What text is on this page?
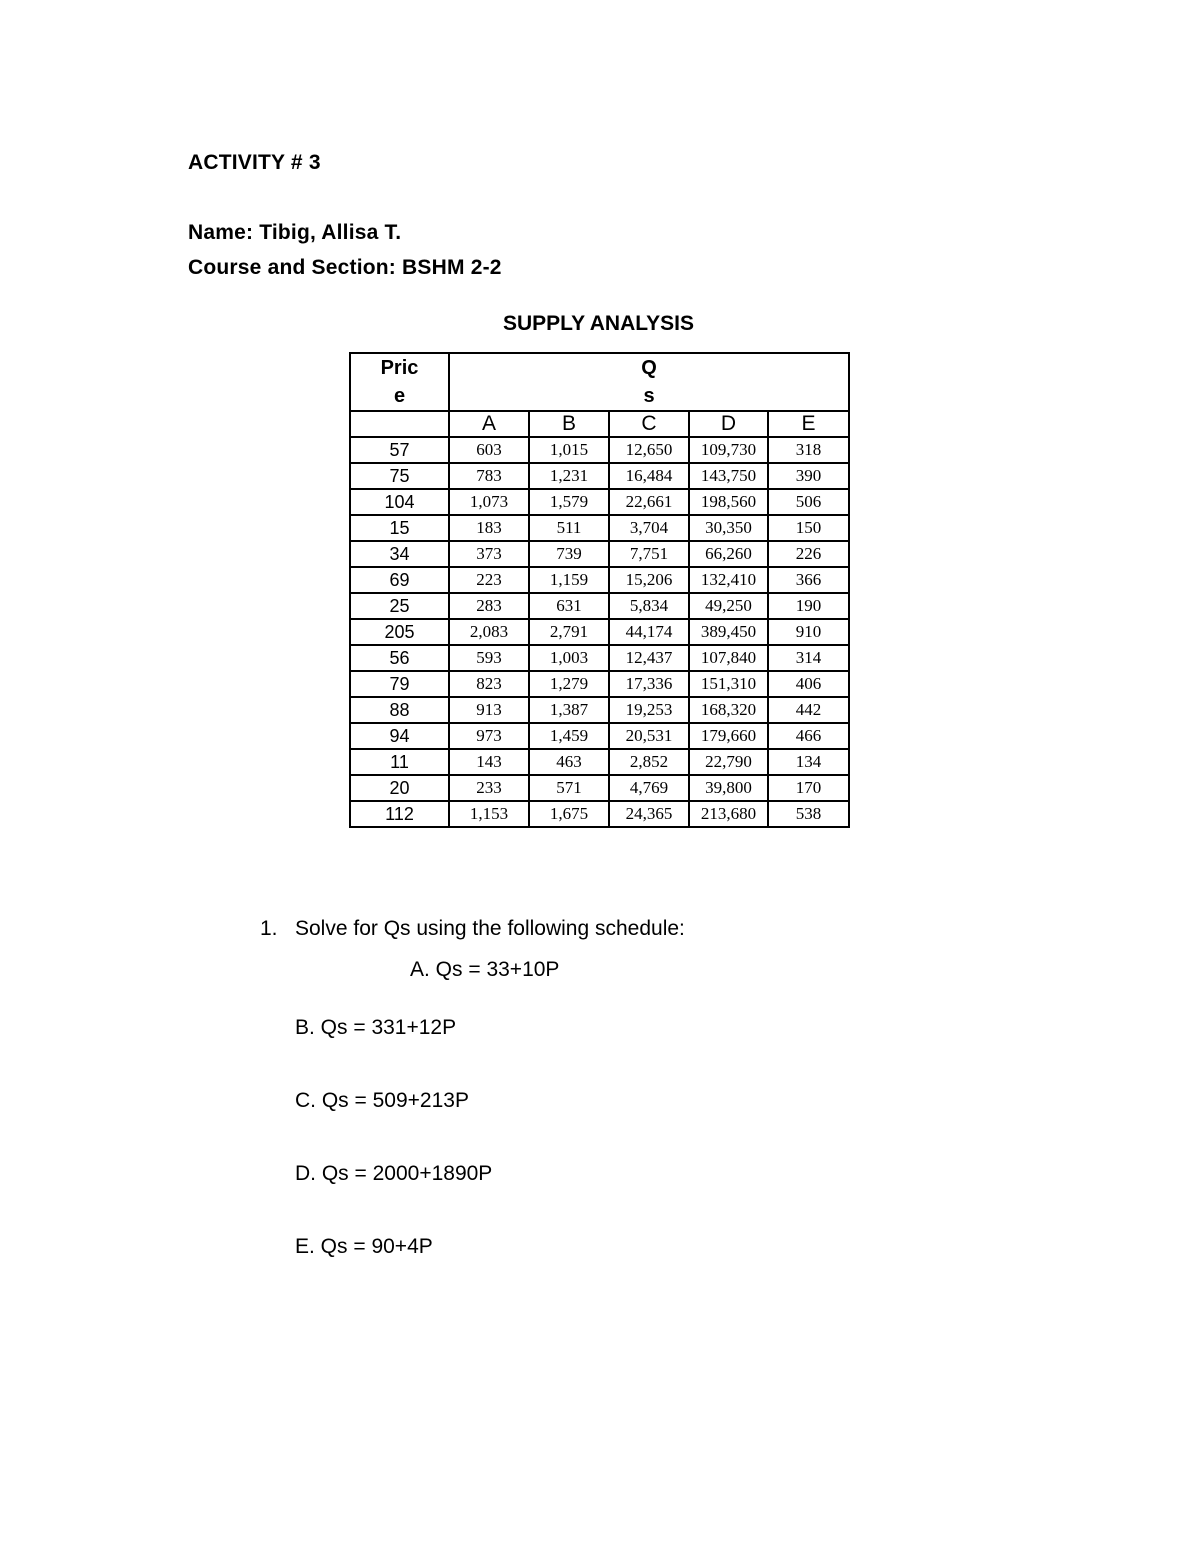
ACTIVITY # 3
Name: Tibig, Allisa T.
Course and Section: BSHM 2-2
SUPPLY ANALYSIS
Price	Qs				
	A	B	C	D	E
57	603	1,015	12,650	109,730	318
75	783	1,231	16,484	143,750	390
104	1,073	1,579	22,661	198,560	506
15	183	511	3,704	30,350	150
34	373	739	7,751	66,260	226
69	223	1,159	15,206	132,410	366
25	283	631	5,834	49,250	190
205	2,083	2,791	44,174	389,450	910
56	593	1,003	12,437	107,840	314
79	823	1,279	17,336	151,310	406
88	913	1,387	19,253	168,320	442
94	973	1,459	20,531	179,660	466
11	143	463	2,852	22,790	134
20	233	571	4,769	39,800	170
112	1,153	1,675	24,365	213,680	538
1. Solve for Qs using the following schedule:
A. Qs = 33+10P
B. Qs = 331+12P
C. Qs = 509+213P
D. Qs = 2000+1890P
E. Qs = 90+4P
